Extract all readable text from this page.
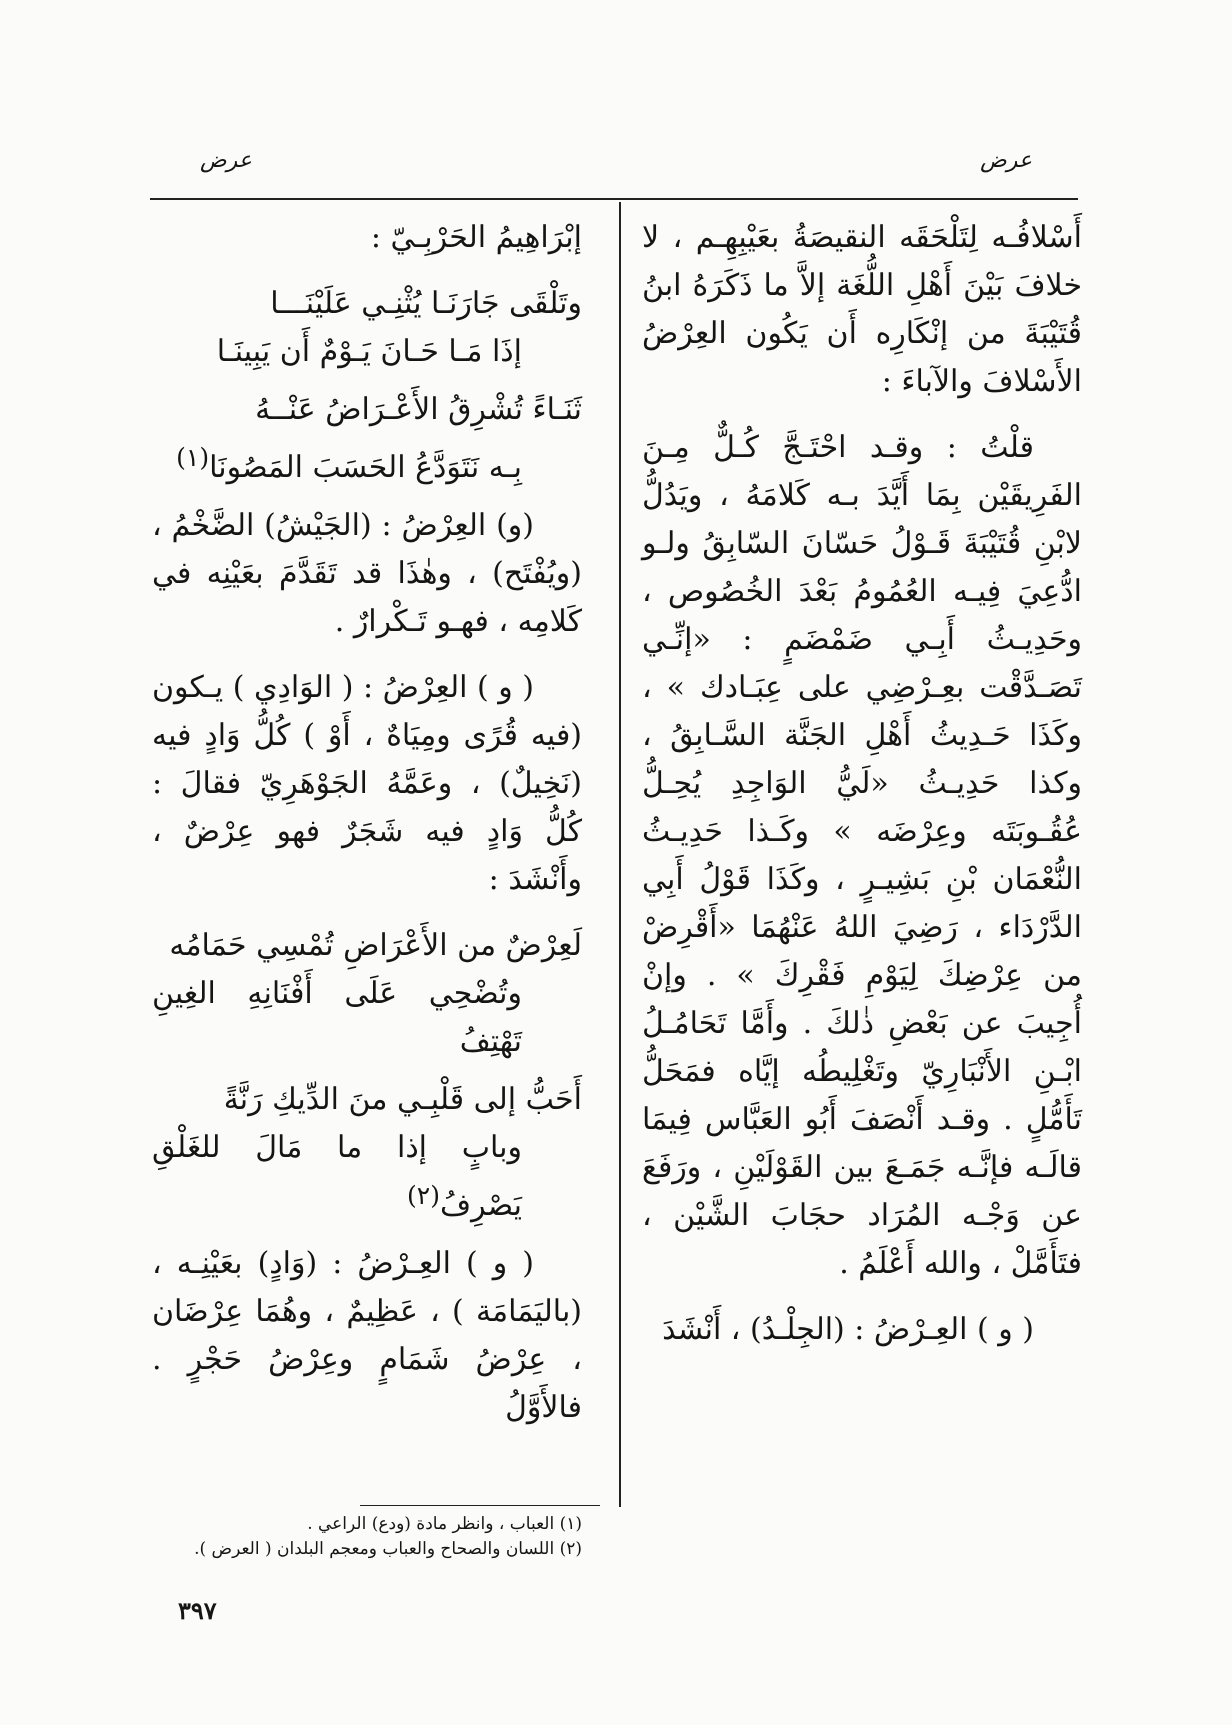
عرض
عرض

أَسْلافُـه لِتَلْحَقَه النقيصَةُ بعَيْبِهِـم ، لا خلافَ بَيْنَ أَهْلِ اللُّغَة إلاَّ ما ذَكَرَهُ ابنُ قُتَيْبَةَ من إنْكَارِه أَن يَكُون العِرْضُ الأَسْلافَ والآباءَ :

قلْتُ : وقـد احْتَـجَّ كُـلٌّ مِـنَ الفَرِيقَيْن بِمَا أَيَّدَ بـه كَلامَهُ ، ويَدُلُّ لابْنِ قُتَيْبَةَ قَـوْلُ حَسّانَ السّابِقُ ولـو ادُّعِيَ فِيـه العُمُومُ بَعْدَ الخُصُوص ، وحَدِيـثُ أَبِـي ضَمْضَمٍ : «إنِّـي تَصَـدَّقْت بعِـرْضِي على عِبَـادك » ، وكَذَا حَـدِيثُ أَهْلِ الجَنَّة السَّـابِقُ ، وكذا حَدِيـثُ «لَيُّ الوَاجِدِ يُحِـلُّ عُقُـوبَتَه وعِرْضَه » وكَـذا حَدِيـثُ النُّعْمَان بْنِ بَشِيـرٍ ، وكَذَا قَوْلُ أَبِي الدَّرْدَاء ، رَضِيَ اللهُ عَنْهُمَا «أَقْرِضْ من عِرْضِكَ لِيَوْمِ فَقْرِكَ » . وإنْ أُجِيبَ عن بَعْضِ ذٰلكَ . وأَمَّا تَحَامُـلُ ابْـنِ الأَنْبَارِيّ وتَغْلِيطُه إيَّاه فمَحَلُّ تَأَمُّلٍ . وقـد أَنْصَفَ أَبُو العَبَّاس فِيمَا قالَـه فإنَّـه جَمَـعَ بين القَوْلَيْنِ ، ورَفَعَ عن وَجْـه المُرَاد حجَابَ الشَّيْن ، فتَأَمَّلْ ، والله أَعْلَمُ .

( و ) العِـرْضُ : (الجِلْـدُ) ، أَنْشَدَ

إبْرَاهِيمُ الحَرْبِـيّ :

وتَلْقَى جَارَنَـا يُثْنِـي عَلَيْنَـــا
إذَا مَـا حَـانَ يَـوْمٌ أَن يَبِينَـا
ثَنَـاءً تُشْرِقُ الأَعْـرَاضُ عَنْــهُ
بِـه نَتَوَدَّعُ الحَسَبَ المَصُونَا$^{(١)}$

(و) العِرْضُ : (الجَيْشُ) الضَّخْمُ ، (ويُفْتَح) ، وهٰذَا قد تَقَدَّمَ بعَيْنِه في كَلامِه ، فهـو تَـكْرارٌ .

( و ) العِرْضُ : ( الوَادِي ) يـكون (فيه قُرًى ومِيَاهٌ ، أَوْ ) كُلُّ وَادٍ فيه (نَخِيلٌ) ، وعَمَّهُ الجَوْهَرِيّ فقالَ : كُلُّ وَادٍ فيه شَجَرٌ فهو عِرْضٌ ، وأَنْشَدَ :

لَعِرْضٌ من الأَعْرَاضِ تُمْسِي حَمَامُه
وتُضْحِي عَلَى أَفْنَانِهِ الغِينِ تَهْتِفُ
أَحَبُّ إلى قَلْبِـي منَ الدِّيكِ رَنَّةً
وبابٍ إذا ما مَالَ للغَلْقِ يَصْرِفُ$^{(٢)}$

( و ) العِـرْضُ : (وَادٍ) بعَيْنِـه ، (باليَمَامَة ) ، عَظِيمٌ ، وهُمَا عِرْضَان ، عِرْضُ شَمَامٍ وعِرْضُ حَجْرٍ . فالأَوَّلُ

(١) العباب ، وانظر مادة (ودع) الراعي .
(٢) اللسان والصحاح والعباب ومعجم البلدان ( العرض ).
٣٩٧
